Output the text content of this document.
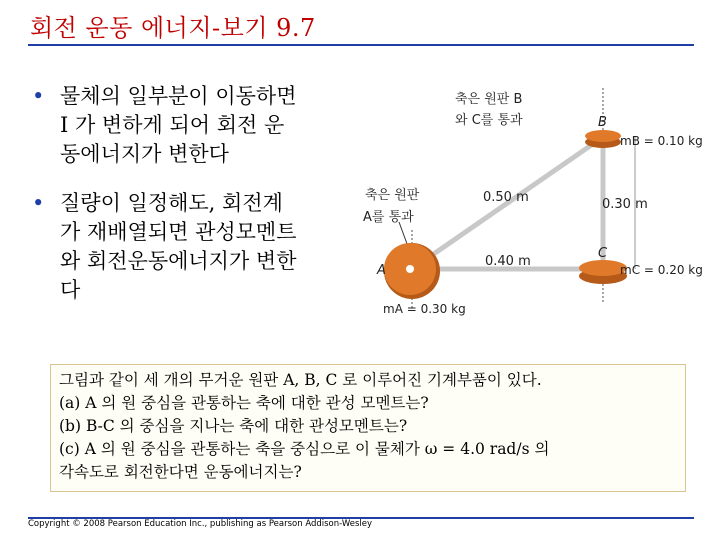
회전 운동 에너지-보기 9.7
• 물체의 일부분이 이동하면
I 가 변하게 되어 회전 운
동에너지가 변한다
• 질량이 일정해도, 회전계
가 재배열되면 관성모멘트
와 회전운동에너지가 변한
다
축은 원판 B
와 C를 통과
축은 원판
A를 통과
B
C
A
0.50 m	0.30 m
0.40 m
mB = 0.10 kg
mC = 0.20 kg
mA = 0.30 kg
그림과 같이 세 개의 무거운 원판 A, B, C 로 이루어진 기계부품이 있다.
(a) A 의 원 중심을 관통하는 축에 대한 관성 모멘트는?
(b) B-C 의 중심을 지나는 축에 대한 관성모멘트는?
(c) A 의 원 중심을 관통하는 축을 중심으로 이 물체가 ω = 4.0 rad/s 의
각속도로 회전한다면 운동에너지는?
Copyright © 2008 Pearson Education Inc., publishing as Pearson Addison-Wesley
